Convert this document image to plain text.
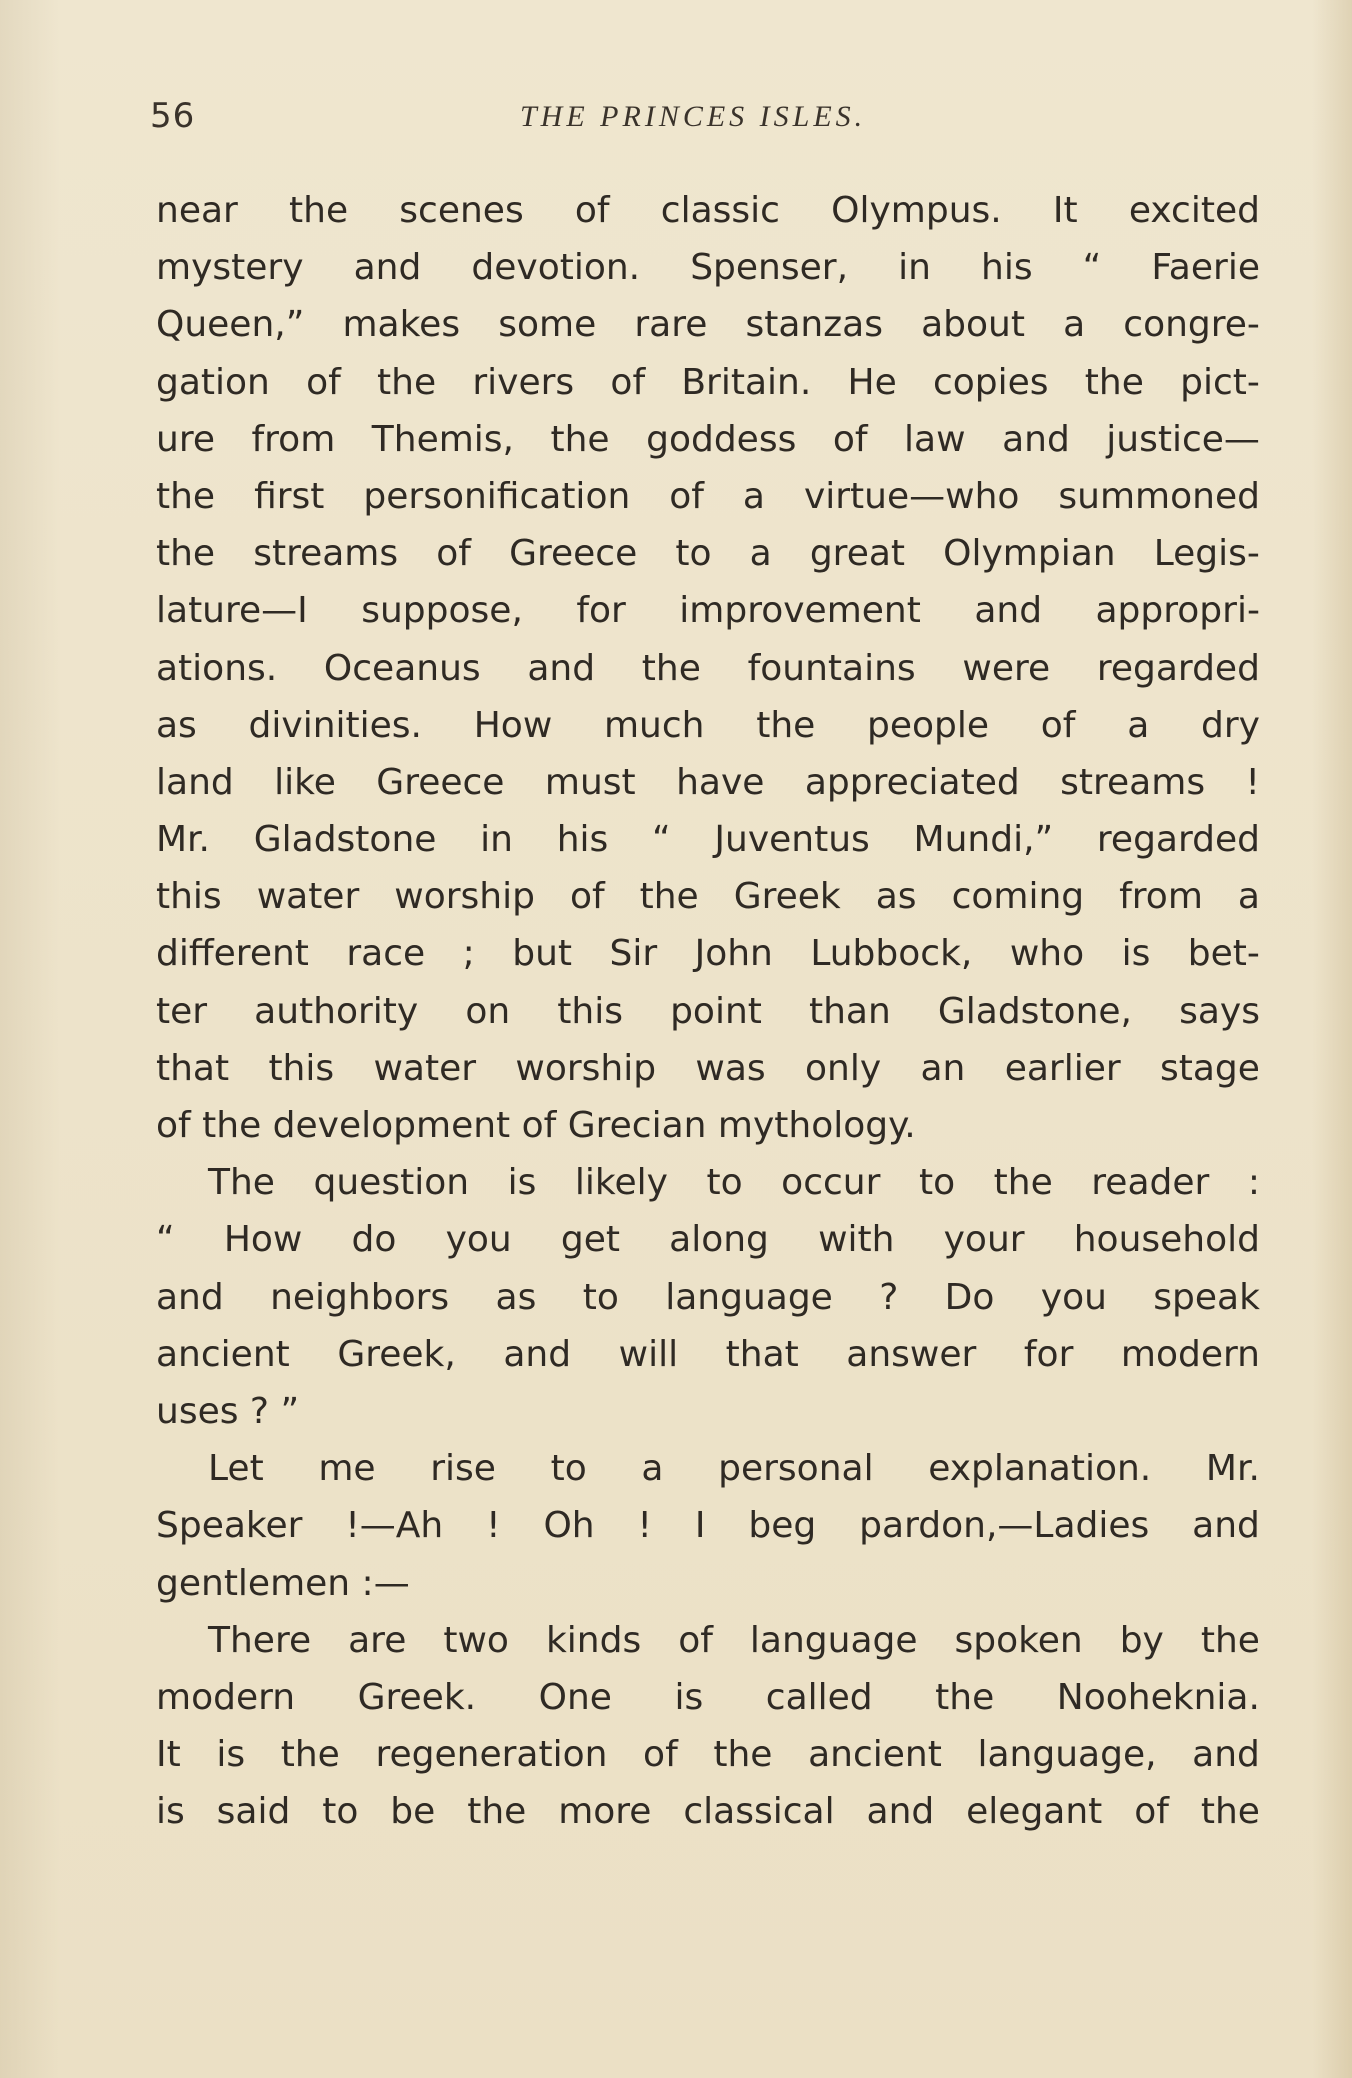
56	THE PRINCES ISLES.
near the scenes of classic Olympus. It excited
mystery and devotion. Spenser, in his “ Faerie
Queen,” makes some rare stanzas about a congre-
gation of the rivers of Britain. He copies the pict-
ure from Themis, the goddess of law and justice—
the first personification of a virtue—who summoned
the streams of Greece to a great Olympian Legis-
lature—I suppose, for improvement and appropri-
ations. Oceanus and the fountains were regarded
as divinities. How much the people of a dry
land like Greece must have appreciated streams !
Mr. Gladstone in his “ Juventus Mundi,” regarded
this water worship of the Greek as coming from a
different race ; but Sir John Lubbock, who is bet-
ter authority on this point than Gladstone, says
that this water worship was only an earlier stage
of the development of Grecian mythology.
The question is likely to occur to the reader :
“ How do you get along with your household
and neighbors as to language ? Do you speak
ancient Greek, and will that answer for modern
uses ? ”
Let me rise to a personal explanation. Mr.
Speaker !—Ah ! Oh ! I beg pardon,—Ladies and
gentlemen :—
There are two kinds of language spoken by the
modern Greek. One is called the Nooheknia.
It is the regeneration of the ancient language, and
is said to be the more classical and elegant of the
